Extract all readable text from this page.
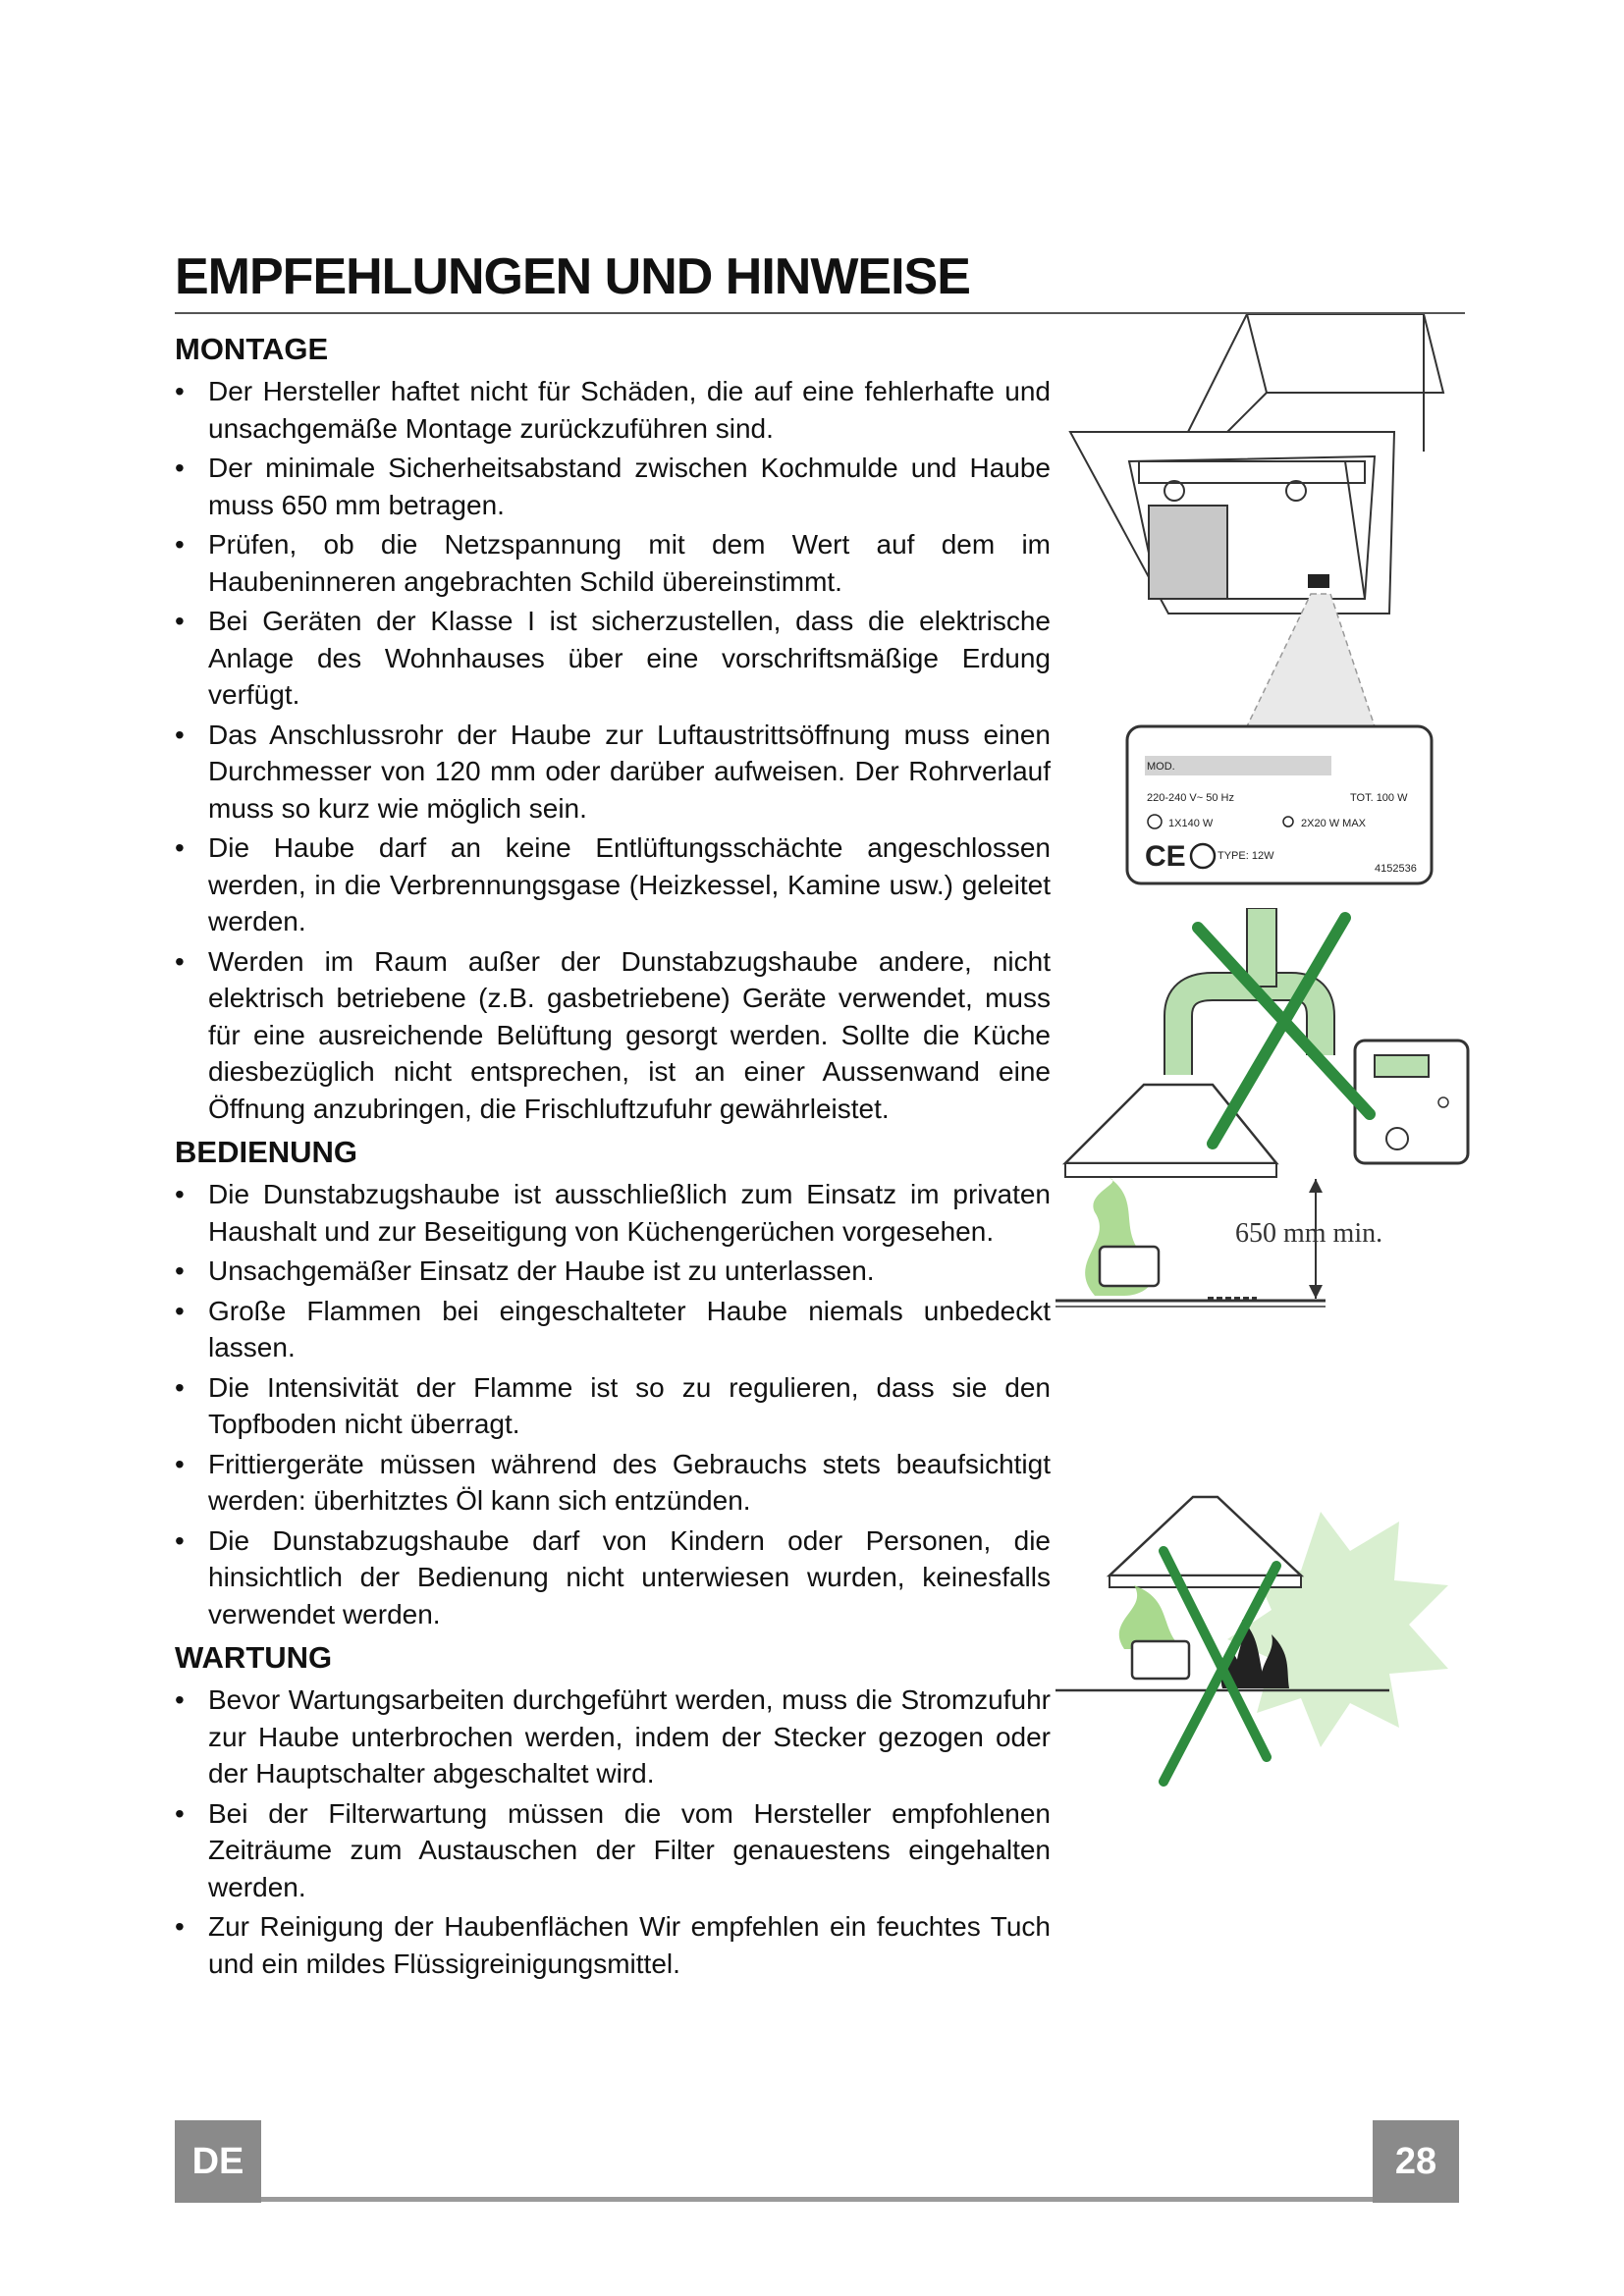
EMPFEHLUNGEN UND HINWEISE
MONTAGE
• Der Hersteller haftet nicht für Schäden, die auf eine fehlerhafte und unsachgemäße Montage zurückzuführen sind.
• Der minimale Sicherheitsabstand zwischen Kochmulde und Haube muss 650 mm betragen.
• Prüfen, ob die Netzspannung mit dem Wert auf dem im Haubeninneren angebrachten Schild übereinstimmt.
• Bei Geräten der Klasse I ist sicherzustellen, dass die elektrische Anlage des Wohnhauses über eine vorschriftsmäßige Erdung verfügt.
• Das Anschlussrohr der Haube zur Luftaustrittsöffnung muss einen Durchmesser von 120 mm oder darüber aufweisen. Der Rohrverlauf muss so kurz wie möglich sein.
• Die Haube darf an keine Entlüftungsschächte angeschlossen werden, in die Verbrennungsgase (Heizkessel, Kamine usw.) geleitet werden.
• Werden im Raum außer der Dunstabzugshaube andere, nicht elektrisch betriebene (z.B. gasbetriebene) Geräte verwendet, muss für eine ausreichende Belüftung gesorgt werden. Sollte die Küche diesbezüglich nicht entsprechen, ist an einer Aussenwand eine Öffnung anzubringen, die Frischluftzufuhr gewährleistet.
BEDIENUNG
• Die Dunstabzugshaube ist ausschließlich zum Einsatz im privaten Haushalt und zur Beseitigung von Küchengerüchen vorgesehen.
• Unsachgemäßer Einsatz der Haube ist zu unterlassen.
• Große Flammen bei eingeschalteter Haube niemals unbedeckt lassen.
• Die Intensivität der Flamme ist so zu regulieren, dass sie den Topfboden nicht überragt.
• Frittiergeräte müssen während des Gebrauchs stets beaufsichtigt werden: überhitztes Öl kann sich entzünden.
• Die Dunstabzugshaube darf von Kindern oder Personen, die hinsichtlich der Bedienung nicht unterwiesen wurden, keinesfalls verwendet werden.
WARTUNG
• Bevor Wartungsarbeiten durchgeführt werden, muss die Stromzufuhr zur Haube unterbrochen werden, indem der Stecker gezogen oder der Hauptschalter abgeschaltet wird.
• Bei der Filterwartung müssen die vom Hersteller empfohlenen Zeiträume zum Austauschen der Filter genauestens eingehalten werden.
• Zur Reinigung der Haubenflächen Wir empfehlen ein feuchtes Tuch und ein mildes Flüssigreinigungsmittel.
MOD.
220-240 V~ 50 Hz	TOT. 100 W
1X140 W	2X20 W MAX
TYPE: 12W
4152536
CE
650 mm min.
DE	28
